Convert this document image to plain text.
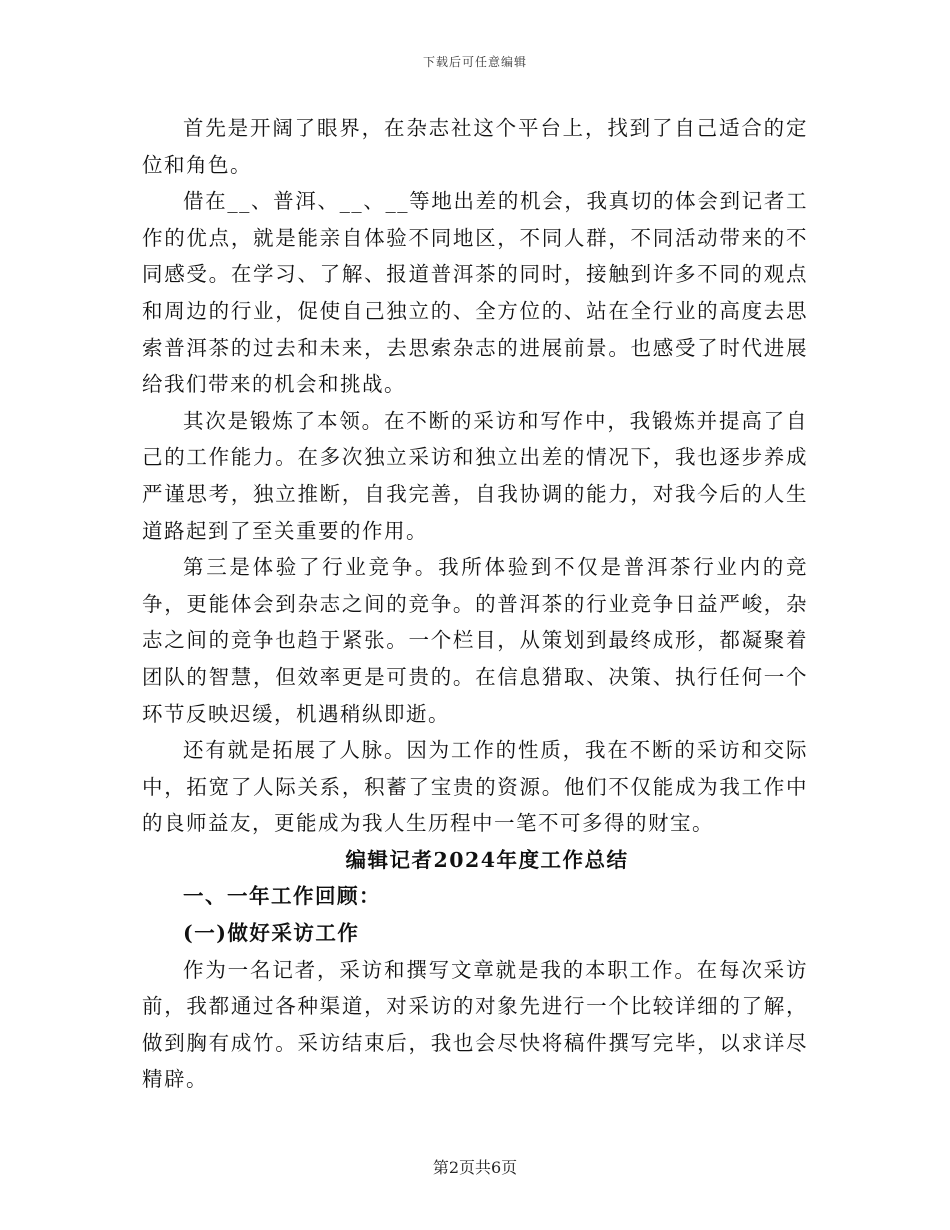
下载后可任意编辑

首先是开阔了眼界，在杂志社这个平台上，找到了自己适合的定位和角色。

借在__、普洱、__、__等地出差的机会，我真切的体会到记者工作的优点，就是能亲自体验不同地区，不同人群，不同活动带来的不同感受。在学习、了解、报道普洱茶的同时，接触到许多不同的观点和周边的行业，促使自己独立的、全方位的、站在全行业的高度去思索普洱茶的过去和未来，去思索杂志的进展前景。也感受了时代进展给我们带来的机会和挑战。

其次是锻炼了本领。在不断的采访和写作中，我锻炼并提高了自己的工作能力。在多次独立采访和独立出差的情况下，我也逐步养成严谨思考，独立推断，自我完善，自我协调的能力，对我今后的人生道路起到了至关重要的作用。

第三是体验了行业竞争。我所体验到不仅是普洱茶行业内的竞争，更能体会到杂志之间的竞争。的普洱茶的行业竞争日益严峻，杂志之间的竞争也趋于紧张。一个栏目，从策划到最终成形，都凝聚着团队的智慧，但效率更是可贵的。在信息猎取、决策、执行任何一个环节反映迟缓，机遇稍纵即逝。

还有就是拓展了人脉。因为工作的性质，我在不断的采访和交际中，拓宽了人际关系，积蓄了宝贵的资源。他们不仅能成为我工作中的良师益友，更能成为我人生历程中一笔不可多得的财宝。

编辑记者2024年度工作总结

一、一年工作回顾：

(一)做好采访工作

作为一名记者，采访和撰写文章就是我的本职工作。在每次采访前，我都通过各种渠道，对采访的对象先进行一个比较详细的了解，做到胸有成竹。采访结束后，我也会尽快将稿件撰写完毕，以求详尽精辟。

第2页共6页
